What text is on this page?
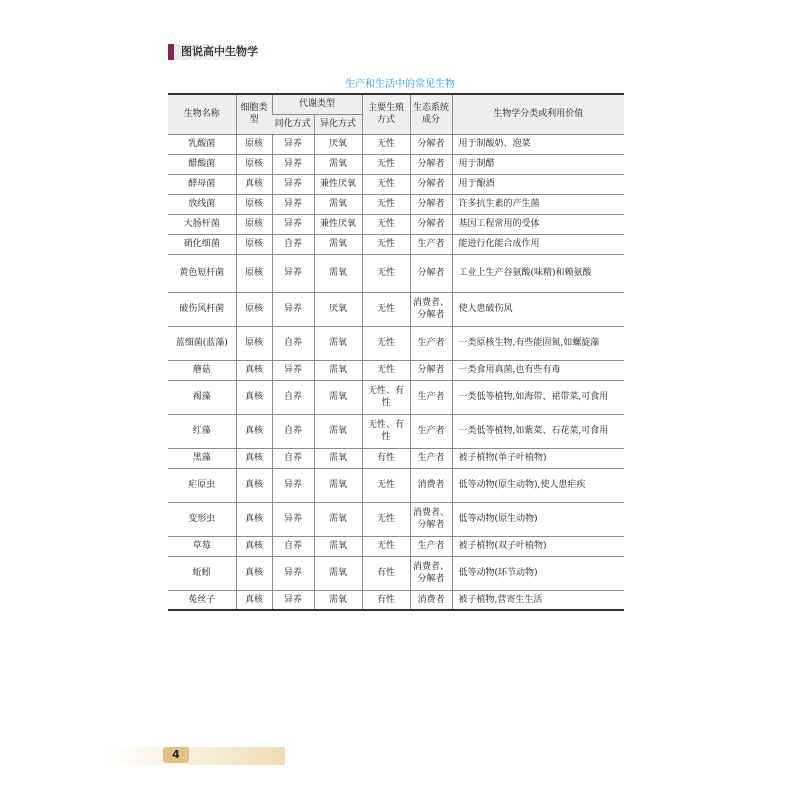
图说高中生物学
生产和生活中的常见生物
生物名称	细胞类型	代谢类型		主要生殖方式	生态系统成分	生物学分类或利用价值
		同化方式	异化方式			
乳酸菌	原核	异养	厌氧	无性	分解者	用于制酸奶、泡菜
醋酸菌	原核	异养	需氧	无性	分解者	用于制醋
酵母菌	真核	异养	兼性厌氧	无性	分解者	用于酿酒
放线菌	原核	异养	需氧	无性	分解者	许多抗生素的产生菌
大肠杆菌	原核	异养	兼性厌氧	无性	分解者	基因工程常用的受体
硝化细菌	原核	自养	需氧	无性	生产者	能进行化能合成作用
黄色短杆菌	原核	异养	需氧	无性	分解者	工业上生产谷氨酸(味精)和赖氨酸
破伤风杆菌	原核	异养	厌氧	无性	消费者、分解者	使人患破伤风
蓝细菌(蓝藻)	原核	自养	需氧	无性	生产者	一类原核生物,有些能固氮,如螺旋藻
蘑菇	真核	异养	需氧	无性	分解者	一类食用真菌,也有些有毒
褐藻	真核	自养	需氧	无性、有性	生产者	一类低等植物,如海带、裙带菜,可食用
红藻	真核	自养	需氧	无性、有性	生产者	一类低等植物,如紫菜、石花菜,可食用
黑藻	真核	自养	需氧	有性	生产者	被子植物(单子叶植物)
疟原虫	真核	异养	需氧	无性	消费者	低等动物(原生动物),使人患疟疾
变形虫	真核	异养	需氧	无性	消费者、分解者	低等动物(原生动物)
草莓	真核	自养	需氧	无性	生产者	被子植物(双子叶植物)
蚯蚓	真核	异养	需氧	有性	消费者、分解者	低等动物(环节动物)
菟丝子	真核	异养	需氧	有性	消费者	被子植物,营寄生生活
4
